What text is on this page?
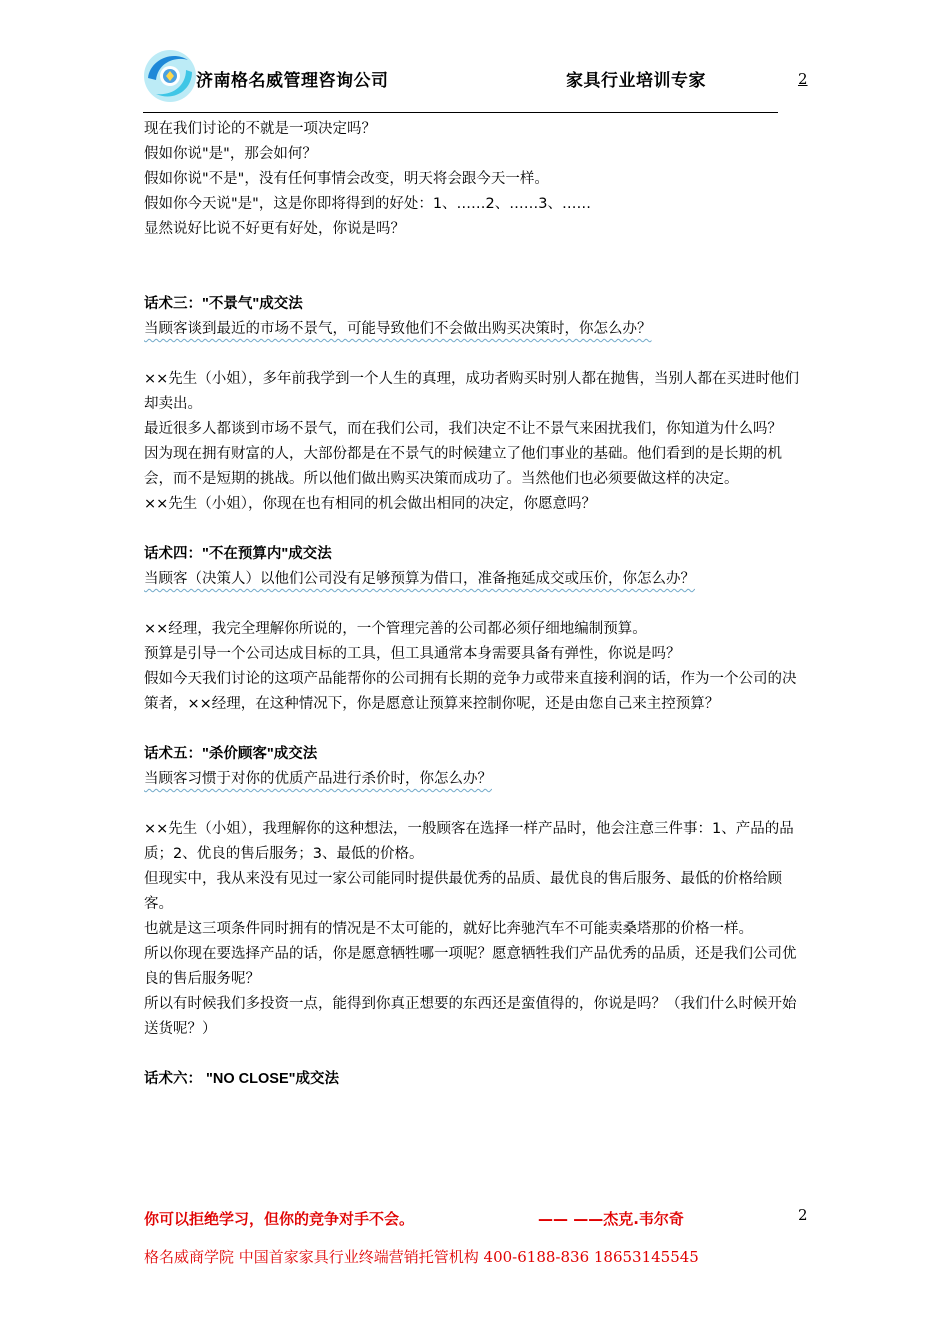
济南格名威管理咨询公司	家具行业培训专家	2

现在我们讨论的不就是一项决定吗？

假如你说"是"，那会如何？

假如你说"不是"，没有任何事情会改变，明天将会跟今天一样。

假如你今天说"是"，这是你即将得到的好处：1、……2、……3、……

显然说好比说不好更有好处，你说是吗？

话术三："不景气"成交法

当顾客谈到最近的市场不景气，可能导致他们不会做出购买决策时，你怎么办？

××先生（小姐），多年前我学到一个人生的真理，成功者购买时别人都在抛售，当别人都在买进时他们却卖出。

最近很多人都谈到市场不景气，而在我们公司，我们决定不让不景气来困扰我们，你知道为什么吗？

因为现在拥有财富的人，大部份都是在不景气的时候建立了他们事业的基础。他们看到的是长期的机会，而不是短期的挑战。所以他们做出购买决策而成功了。当然他们也必须要做这样的决定。

××先生（小姐），你现在也有相同的机会做出相同的决定，你愿意吗？

话术四："不在预算内"成交法

当顾客（决策人）以他们公司没有足够预算为借口，准备拖延成交或压价，你怎么办？

××经理，我完全理解你所说的，一个管理完善的公司都必须仔细地编制预算。

预算是引导一个公司达成目标的工具，但工具通常本身需要具备有弹性，你说是吗？

假如今天我们讨论的这项产品能帮你的公司拥有长期的竞争力或带来直接利润的话，作为一个公司的决策者，××经理，在这种情况下，你是愿意让预算来控制你呢，还是由您自己来主控预算？

话术五："杀价顾客"成交法

当顾客习惯于对你的优质产品进行杀价时，你怎么办？

××先生（小姐），我理解你的这种想法，一般顾客在选择一样产品时，他会注意三件事：1、产品的品质；2、优良的售后服务；3、最低的价格。

但现实中，我从来没有见过一家公司能同时提供最优秀的品质、最优良的售后服务、最低的价格给顾客。

也就是这三项条件同时拥有的情况是不太可能的，就好比奔驰汽车不可能卖桑塔那的价格一样。

所以你现在要选择产品的话，你是愿意牺牲哪一项呢？愿意牺牲我们产品优秀的品质，还是我们公司优良的售后服务呢？

所以有时候我们多投资一点，能得到你真正想要的东西还是蛮值得的，你说是吗？（我们什么时候开始送货呢？）

话术六： "NO CLOSE"成交法

你可以拒绝学习，但你的竞争对手不会。	—— ——杰克.韦尔奇	2
格名威商学院 中国首家家具行业终端营销托管机构 400-6188-836 18653145545
